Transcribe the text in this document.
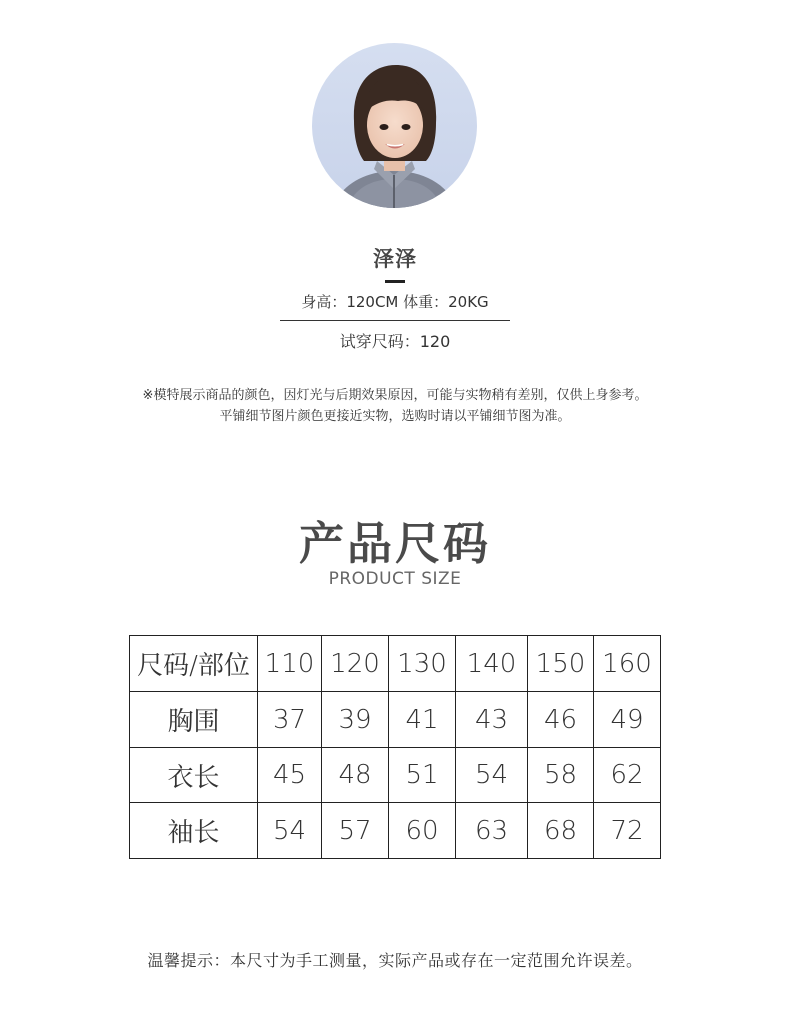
泽泽
身高：120CM 体重：20KG
试穿尺码：120
※模特展示商品的颜色，因灯光与后期效果原因，可能与实物稍有差别，仅供上身参考。
平铺细节图片颜色更接近实物，选购时请以平铺细节图为准。
产品尺码
PRODUCT SIZE
尺码/部位	110	120	130	140	150	160
胸围	37	39	41	43	46	49
衣长	45	48	51	54	58	62
袖长	54	57	60	63	68	72
温馨提示：本尺寸为手工测量，实际产品或存在一定范围允许误差。
